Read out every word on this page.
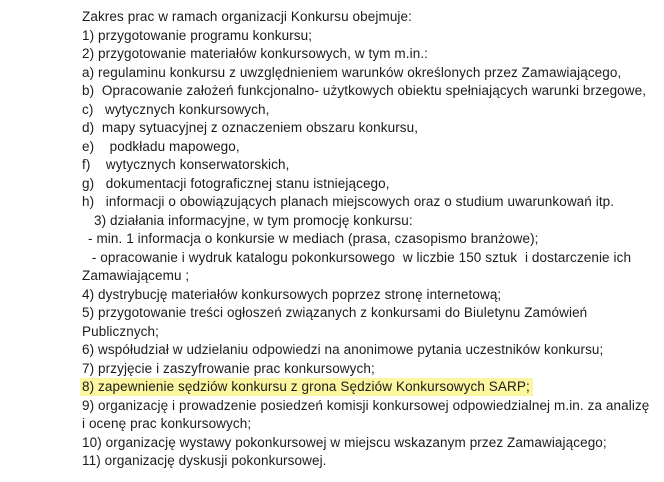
Zakres prac w ramach organizacji Konkursu obejmuje:
1) przygotowanie programu konkursu;
2) przygotowanie materiałów konkursowych, w tym m.in.:
a) regulaminu konkursu z uwzględnieniem warunków określonych przez Zamawiającego,
b)  Opracowanie założeń funkcjonalno- użytkowych obiektu spełniających warunki brzegowe,
c)   wytycznych konkursowych,
d)  mapy sytuacyjnej z oznaczeniem obszaru konkursu,
e)    podkładu mapowego,
f)    wytycznych konserwatorskich,
g)   dokumentacji fotograficznej stanu istniejącego,
h)   informacji o obowiązujących planach miejscowych oraz o studium uwarunkowań itp.
3) działania informacyjne, w tym promocję konkursu:
- min. 1 informacja o konkursie w mediach (prasa, czasopismo branżowe);
- opracowanie i wydruk katalogu pokonkursowego  w liczbie 150 sztuk  i dostarczenie ich
Zamawiającemu ;
4) dystrybucję materiałów konkursowych poprzez stronę internetową;
5) przygotowanie treści ogłoszeń związanych z konkursami do Biuletynu Zamówień
Publicznych;
6) współudział w udzielaniu odpowiedzi na anonimowe pytania uczestników konkursu;
7) przyjęcie i zaszyfrowanie prac konkursowych;
8) zapewnienie sędziów konkursu z grona Sędziów Konkursowych SARP;
9) organizację i prowadzenie posiedzeń komisji konkursowej odpowiedzialnej m.in. za analizę
i ocenę prac konkursowych;
10) organizację wystawy pokonkursowej w miejscu wskazanym przez Zamawiającego;
11) organizację dyskusji pokonkursowej.
